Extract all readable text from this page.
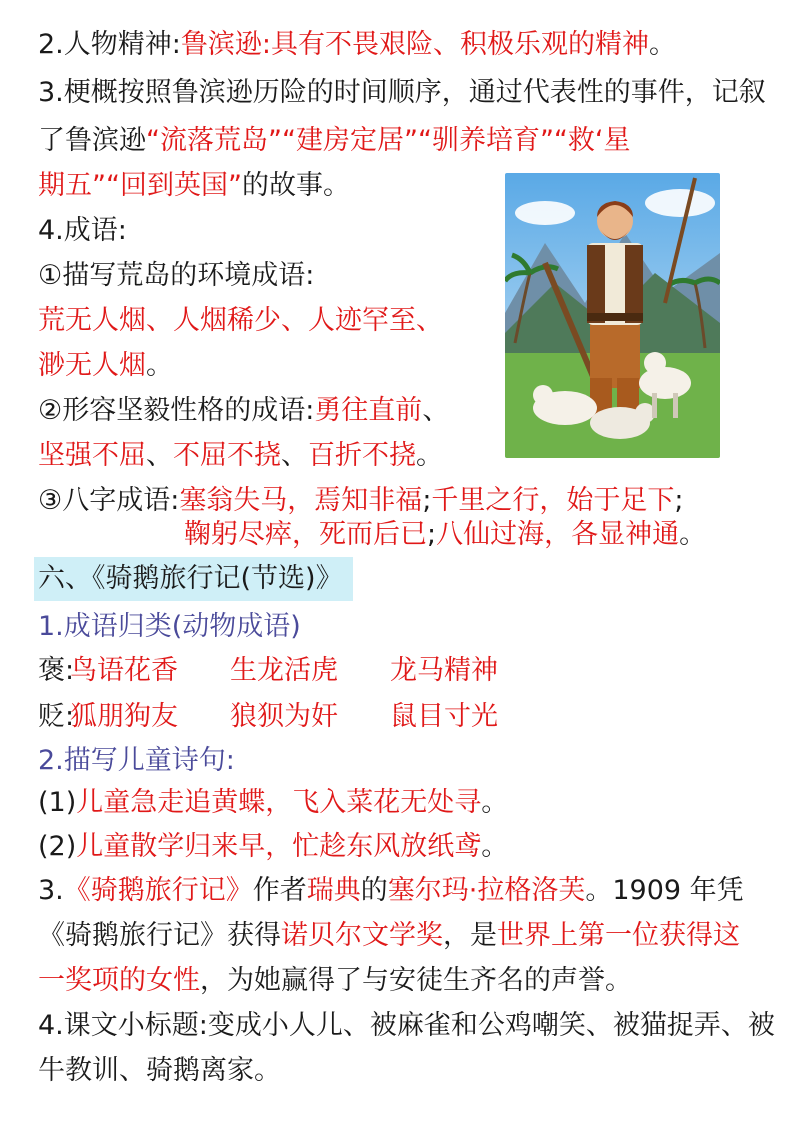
2.人物精神:鲁滨逊:具有不畏艰险、积极乐观的精神。
3.梗概按照鲁滨逊历险的时间顺序，通过代表性的事件，记叙
了鲁滨逊“流落荒岛”“建房定居”“驯养培育”“救‘星
期五”“回到英国”的故事。
4.成语:
①描写荒岛的环境成语:
荒无人烟、人烟稀少、人迹罕至、
渺无人烟。
②形容坚毅性格的成语:勇往直前、
坚强不屈、不屈不挠、百折不挠。
③八字成语:塞翁失马，焉知非福;千里之行，始于足下;
鞠躬尽瘁，死而后已;八仙过海，各显神通。
六、《骑鹅旅行记(节选)》
1.成语归类(动物成语)
褒:鸟语花香 生龙活虎 龙马精神
贬:狐朋狗友 狼狈为奸 鼠目寸光
2.描写儿童诗句:
(1)儿童急走追黄蝶，飞入菜花无处寻。
(2)儿童散学归来早，忙趁东风放纸鸢。
3.《骑鹅旅行记》作者瑞典的塞尔玛·拉格洛芙。1909 年凭
《骑鹅旅行记》获得诺贝尔文学奖，是世界上第一位获得这
一奖项的女性，为她赢得了与安徒生齐名的声誉。
4.课文小标题:变成小人儿、被麻雀和公鸡嘲笑、被猫捉弄、被
牛教训、骑鹅离家。
